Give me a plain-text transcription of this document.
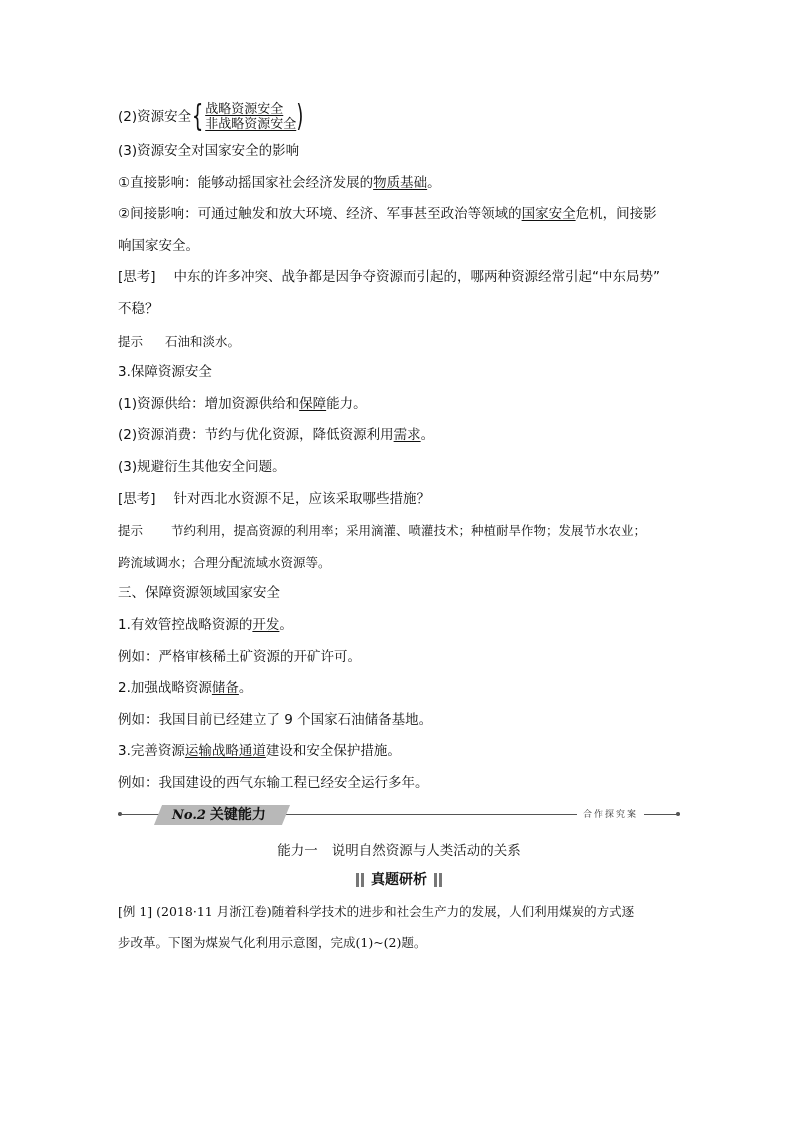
(2)资源安全 { 战略资源安全
非战略资源安全 )
(3)资源安全对国家安全的影响
①直接影响：能够动摇国家社会经济发展的物质基础。
②间接影响：可通过触发和放大环境、经济、军事甚至政治等领域的国家安全危机，间接影
响国家安全。
[思考] 中东的许多冲突、战争都是因争夺资源而引起的，哪两种资源经常引起“中东局势”
不稳？
提示 石油和淡水。
3.保障资源安全
(1)资源供给：增加资源供给和保障能力。
(2)资源消费：节约与优化资源，降低资源利用需求。
(3)规避衍生其他安全问题。
[思考] 针对西北水资源不足，应该采取哪些措施？
提示 节约利用，提高资源的利用率；采用滴灌、喷灌技术；种植耐旱作物；发展节水农业；
跨流域调水；合理分配流域水资源等。
三、保障资源领域国家安全
1.有效管控战略资源的开发。
例如：严格审核稀土矿资源的开矿许可。
2.加强战略资源储备。
例如：我国目前已经建立了 9 个国家石油储备基地。
3.完善资源运输战略通道建设和安全保护措施。
例如：我国建设的西气东输工程已经安全运行多年。
No.2 关键能力	合作探究案
能力一 说明自然资源与人类活动的关系
真题研析
[例 1] (2018·11 月浙江卷)随着科学技术的进步和社会生产力的发展，人们利用煤炭的方式逐
步改革。下图为煤炭气化利用示意图，完成(1)~(2)题。
